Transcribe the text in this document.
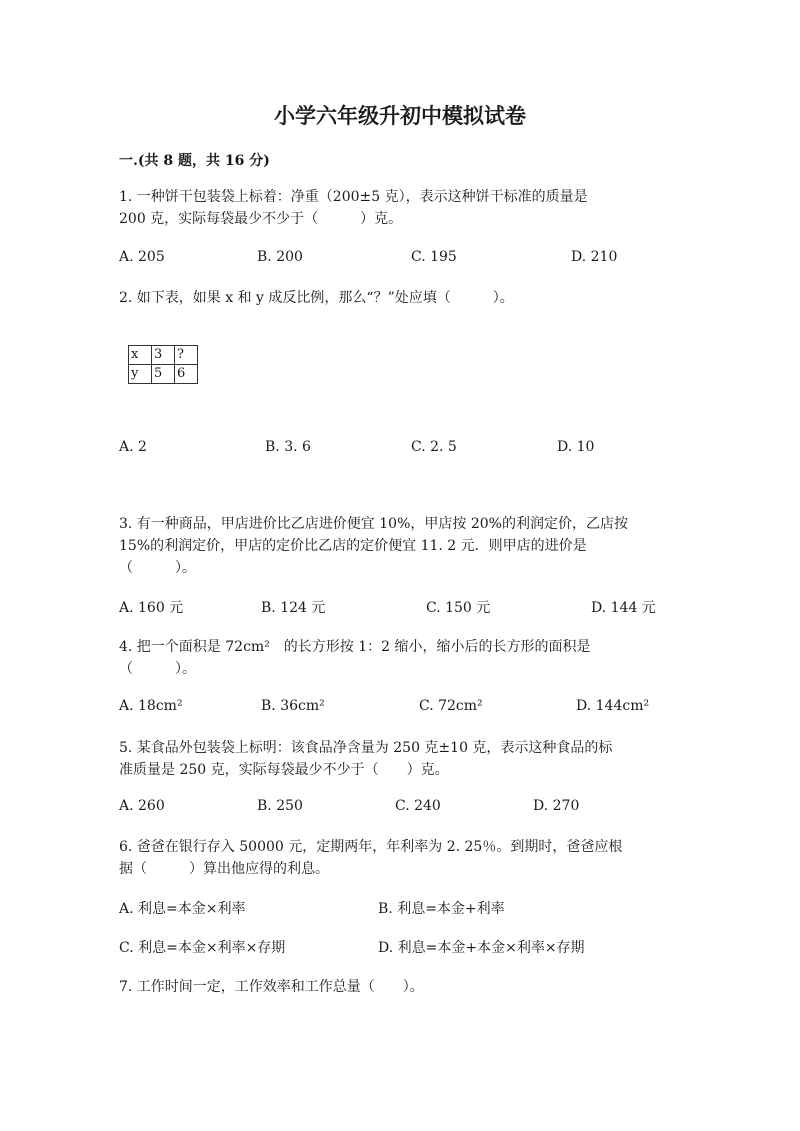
小学六年级升初中模拟试卷
一.(共 8 题，共 16 分)
1. 一种饼干包装袋上标着：净重（200±5 克），表示这种饼干标准的质量是
200 克，实际每袋最少不少于（　　　）克。
A. 205	B. 200	C. 195	D. 210
2. 如下表，如果 x 和 y 成反比例，那么“？”处应填（　　　）。
x	3	?
y	5	6
A. 2	B. 3. 6	C. 2. 5	D. 10
3. 有一种商品，甲店进价比乙店进价便宜 10%，甲店按 20%的利润定价，乙店按
15%的利润定价，甲店的定价比乙店的定价便宜 11. 2 元．则甲店的进价是
（　　　）。
A. 160 元	B. 124 元	C. 150 元	D. 144 元
4. 把一个面积是 72cm²　的长方形按 1：2 缩小，缩小后的长方形的面积是
（　　　）。
A. 18cm²	B. 36cm²	C. 72cm²	D. 144cm²
5. 某食品外包装袋上标明：该食品净含量为 250 克±10 克，表示这种食品的标
准质量是 250 克，实际每袋最少不少于（　　）克。
A. 260	B. 250	C. 240	D. 270
6. 爸爸在银行存入 50000 元，定期两年，年利率为 2. 25％。到期时，爸爸应根
据（　　　）算出他应得的利息。
A. 利息=本金×利率	B. 利息=本金+利率
C. 利息=本金×利率×存期	D. 利息=本金+本金×利率×存期
7. 工作时间一定，工作效率和工作总量（　　）。
